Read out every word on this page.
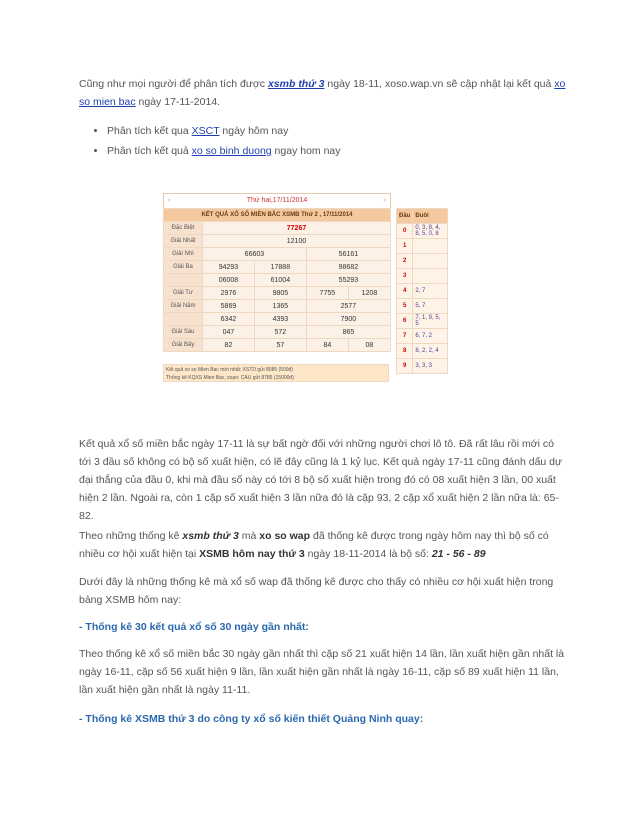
Cũng như mọi người để phân tích được xsmb thứ 3 ngày 18-11, xoso.wap.vn sẽ cập nhật lại kết quả xo so mien bac ngày 17-11-2014.
• Phân tích kết qua XSCT ngày hôm nay
• Phân tích kết quả xo so binh duong ngay hom nay
‹	Thứ hai,17/11/2014	›
KẾT QUẢ XỔ SỐ MIỀN BẮC XSMB Thứ 2 , 17/11/2014				
Đặc Biệt	77267			
Giải Nhất	12100			
Giải Nhì	66603		56161	
Giải Ba	94293	17888	98682	
	06008	61004	55293	
Giải Tư	2976	9805	7755	1208
Giải Năm	5869	1365	2577	
	6342	4393	7900	
Giải Sáu	047	572	865	
Giải Bảy	82	57	84	08
Kết quả xo so Mien Bac mới nhất: XSTD gửi 8085 (500đ)
Thống kê KQXS Mien Bac, soạn: CAU gửi 8785 (15000đ)
Đầu	Đuôi
0	0, 3, 8, 4, 8, 5, 0, 8
1	
2	
3	
4	2, 7
5	5, 7
6	7, 1, 9, 5, 5
7	6, 7, 2
8	8, 2, 2, 4
9	3, 3, 3
Kết quả xổ số miền bắc ngày 17-11 là sự bất ngờ đối với những người chơi lô tô. Đã rất lâu rồi mới có tới 3 đầu số không có bộ số xuất hiện, có lẽ đây cũng là 1 kỷ lục. Kết quả ngày 17-11 cũng đánh dấu dự đại thắng của đầu 0, khi mà đầu số này có tới 8 bộ số xuất hiện trong đó có 08 xuất hiện 3 lần, 00 xuất hiện 2 lần. Ngoài ra, còn 1 cặp số xuất hiện 3 lần nữa đó là cặp 93, 2 cặp xổ xuất hiện 2 lần nữa là: 65-82.
Theo những thống kê xsmb thứ 3 mà xo so wap đã thống kê được trong ngày hôm nay thì bộ số có nhiều cơ hội xuất hiện tại XSMB hôm nay thứ 3 ngày 18-11-2014 là bộ số: 21 - 56 - 89
Dưới đây là những thống kê mà xổ số wap đã thống kê được cho thấy có nhiều cơ hội xuất hiện trong bảng XSMB hôm nay:
- Thống kê 30 kết quả xổ số 30 ngày gần nhất:
Theo thống kê xổ số miền bắc 30 ngày gần nhất thì cặp số 21 xuất hiện 14 lần, lần xuất hiện gần nhất là ngày 16-11, cặp số 56 xuất hiện 9 lần, lần xuất hiện gần nhất là ngày 16-11, cặp số 89 xuất hiện 11 lần, lần xuất hiện gần nhất là ngày 11-11.
- Thống kê XSMB thứ 3 do công ty xổ số kiến thiết Quảng Ninh quay:
